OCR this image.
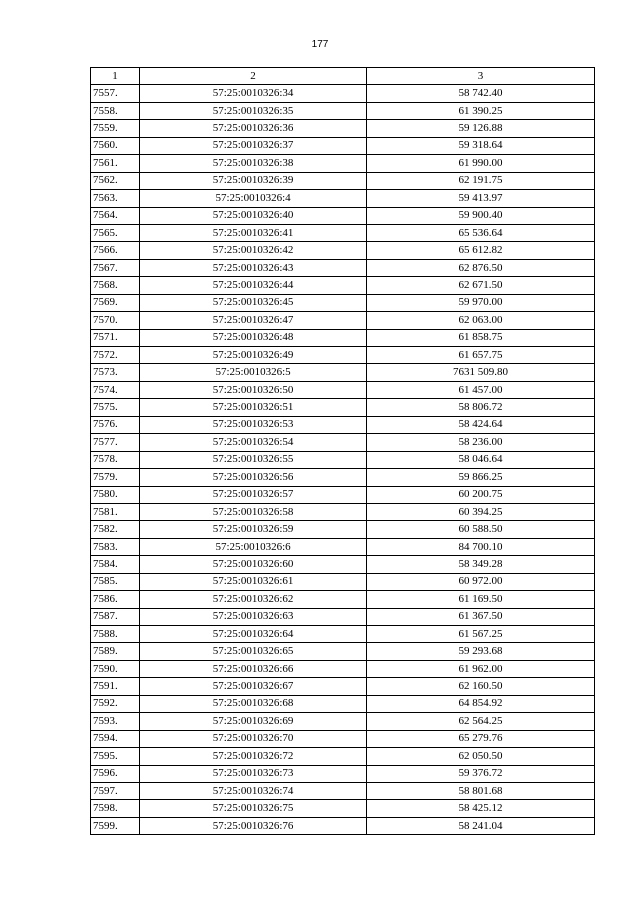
177
1	2	3
7557.	57:25:0010326:34	58 742.40
7558.	57:25:0010326:35	61 390.25
7559.	57:25:0010326:36	59 126.88
7560.	57:25:0010326:37	59 318.64
7561.	57:25:0010326:38	61 990.00
7562.	57:25:0010326:39	62 191.75
7563.	57:25:0010326:4	59 413.97
7564.	57:25:0010326:40	59 900.40
7565.	57:25:0010326:41	65 536.64
7566.	57:25:0010326:42	65 612.82
7567.	57:25:0010326:43	62 876.50
7568.	57:25:0010326:44	62 671.50
7569.	57:25:0010326:45	59 970.00
7570.	57:25:0010326:47	62 063.00
7571.	57:25:0010326:48	61 858.75
7572.	57:25:0010326:49	61 657.75
7573.	57:25:0010326:5	7631 509.80
7574.	57:25:0010326:50	61 457.00
7575.	57:25:0010326:51	58 806.72
7576.	57:25:0010326:53	58 424.64
7577.	57:25:0010326:54	58 236.00
7578.	57:25:0010326:55	58 046.64
7579.	57:25:0010326:56	59 866.25
7580.	57:25:0010326:57	60 200.75
7581.	57:25:0010326:58	60 394.25
7582.	57:25:0010326:59	60 588.50
7583.	57:25:0010326:6	84 700.10
7584.	57:25:0010326:60	58 349.28
7585.	57:25:0010326:61	60 972.00
7586.	57:25:0010326:62	61 169.50
7587.	57:25:0010326:63	61 367.50
7588.	57:25:0010326:64	61 567.25
7589.	57:25:0010326:65	59 293.68
7590.	57:25:0010326:66	61 962.00
7591.	57:25:0010326:67	62 160.50
7592.	57:25:0010326:68	64 854.92
7593.	57:25:0010326:69	62 564.25
7594.	57:25:0010326:70	65 279.76
7595.	57:25:0010326:72	62 050.50
7596.	57:25:0010326:73	59 376.72
7597.	57:25:0010326:74	58 801.68
7598.	57:25:0010326:75	58 425.12
7599.	57:25:0010326:76	58 241.04
